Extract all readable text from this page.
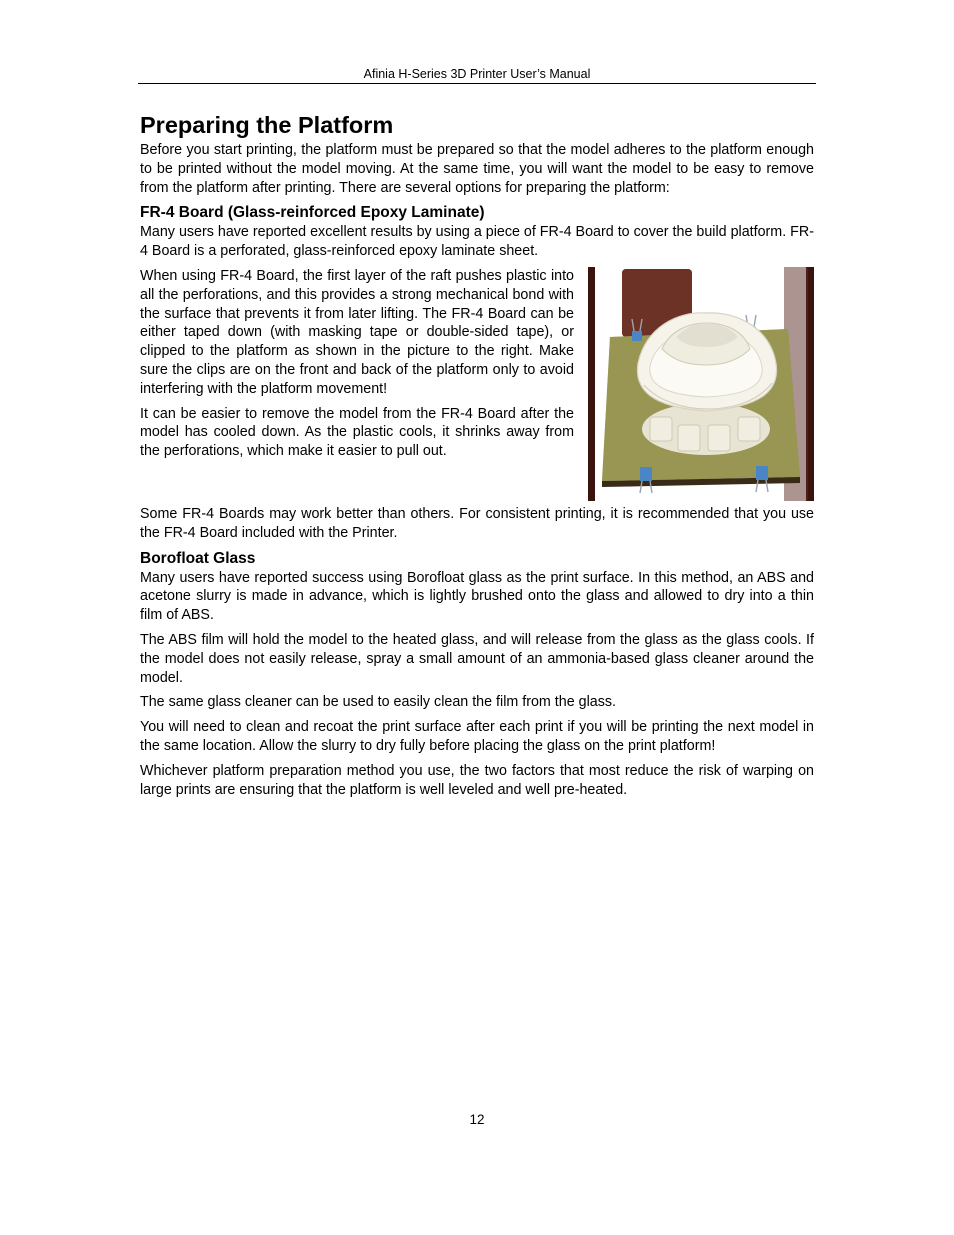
Afinia H-Series 3D Printer User’s Manual
Preparing the Platform

Before you start printing, the platform must be prepared so that the model adheres to the platform enough to be printed without the model moving. At the same time, you will want the model to be easy to remove from the platform after printing. There are several options for preparing the platform:

FR-4 Board (Glass-reinforced Epoxy Laminate)

Many users have reported excellent results by using a piece of FR-4 Board to cover the build platform. FR-4 Board is a perforated, glass-reinforced epoxy laminate sheet.

When using FR-4 Board, the first layer of the raft pushes plastic into all the perforations, and this provides a strong mechanical bond with the surface that prevents it from later lifting. The FR-4 Board can be either taped down (with masking tape or double-sided tape), or clipped to the platform as shown in the picture to the right. Make sure the clips are on the front and back of the platform only to avoid interfering with the platform movement!

It can be easier to remove the model from the FR-4 Board after the model has cooled down. As the plastic cools, it shrinks away from the perforations, which make it easier to pull out.

Some FR-4 Boards may work better than others. For consistent printing, it is recommended that you use the FR-4 Board included with the Printer.

Borofloat Glass

Many users have reported success using Borofloat glass as the print surface. In this method, an ABS and acetone slurry is made in advance, which is lightly brushed onto the glass and allowed to dry into a thin film of ABS.

The ABS film will hold the model to the heated glass, and will release from the glass as the glass cools. If the model does not easily release, spray a small amount of an ammonia-based glass cleaner around the model.

The same glass cleaner can be used to easily clean the film from the glass.

You will need to clean and recoat the print surface after each print if you will be printing the next model in the same location. Allow the slurry to dry fully before placing the glass on the print platform!

Whichever platform preparation method you use, the two factors that most reduce the risk of warping on large prints are ensuring that the platform is well leveled and well pre-heated.

12
